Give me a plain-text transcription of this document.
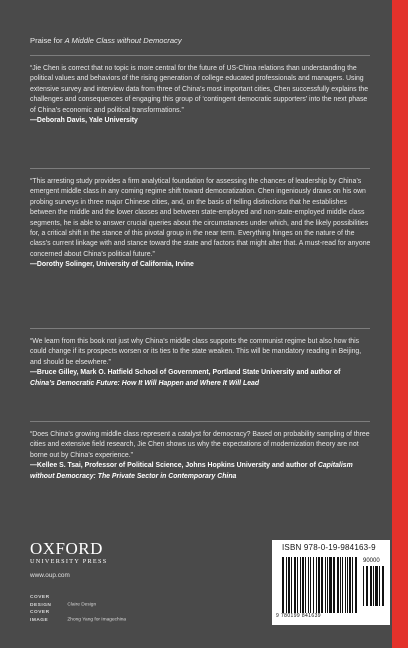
Praise for A Middle Class without Democracy

“Jie Chen is correct that no topic is more central for the future of US-China relations than understanding the political values and behaviors of the rising generation of college educated professionals and managers. Using extensive survey and interview data from three of China’s most important cities, Chen successfully explains the challenges and consequences of engaging this group of ‘contingent democratic supporters’ into the next phase of China’s economic and political transformations.”

—Deborah Davis, Yale University

“This arresting study provides a firm analytical foundation for assessing the chances of leadership by China’s emergent middle class in any coming regime shift toward democratization. Chen ingeniously draws on his own probing surveys in three major Chinese cities, and, on the basis of telling distinctions that he establishes between the middle and the lower classes and between state-employed and non-state-employed middle class segments, he is able to answer crucial queries about the circumstances under which, and the likely possibilities for, a critical shift in the stance of this pivotal group in the near term. Everything hinges on the nature of the class’s current linkage with and stance toward the state and factors that might alter that. A must-read for anyone concerned about China’s political future.”

—Dorothy Solinger, University of California, Irvine

“We learn from this book not just why China’s middle class supports the communist regime but also how this could change if its prospects worsen or its ties to the state weaken. This will be mandatory reading in Beijing, and should be elsewhere.”

—Bruce Gilley, Mark O. Hatfield School of Government, Portland State University and author of
China’s Democratic Future: How It Will Happen and Where It Will Lead

“Does China’s growing middle class represent a catalyst for democracy? Based on probability sampling of three cities and extensive field research, Jie Chen shows us why the expectations of modernization theory are not borne out by China’s experience.”

—Kellee S. Tsai, Professor of Political Science, Johns Hopkins University and author of Capitalism without Democracy: The Private Sector in Contemporary China
OXFORD
UNIVERSITY PRESS
www.oup.com
COVER DESIGN	Claire Design
COVER IMAGE	Zhong Yang for Imagechina
ISBN 978-0-19-984163-9
90000
9 780199 841639
